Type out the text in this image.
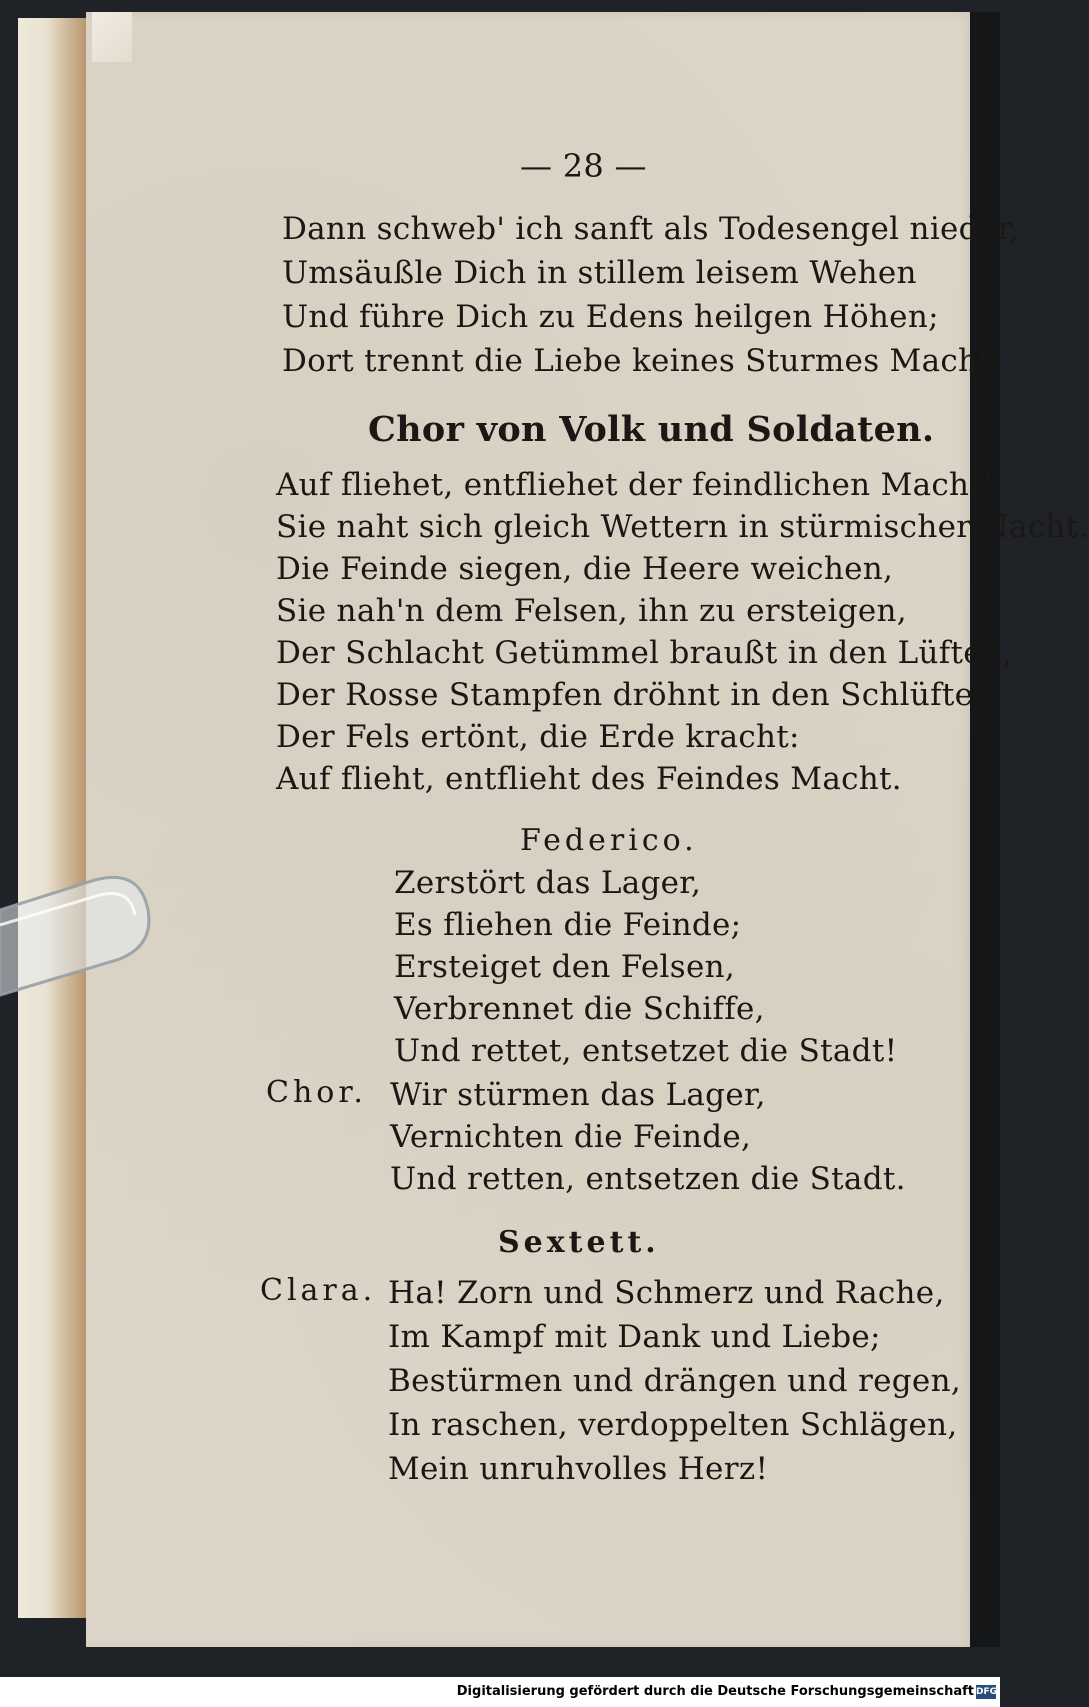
— 28 —
Dann schweb' ich sanft als Todesengel nieder,
Umsäußle Dich in stillem leisem Wehen
Und führe Dich zu Edens heilgen Höhen;
Dort trennt die Liebe keines Sturmes Macht!
Chor von Volk und Soldaten.
Auf fliehet, entfliehet der feindlichen Macht!
Sie naht sich gleich Wettern in stürmischer Nacht.
Die Feinde siegen, die Heere weichen,
Sie nah'n dem Felsen, ihn zu ersteigen,
Der Schlacht Getümmel braußt in den Lüften,
Der Rosse Stampfen dröhnt in den Schlüften;
Der Fels ertönt, die Erde kracht:
Auf flieht, entflieht des Feindes Macht.
Federico.
Zerstört das Lager,
Es fliehen die Feinde;
Ersteiget den Felsen,
Verbrennet die Schiffe,
Und rettet, entsetzet die Stadt!
Chor. Wir stürmen das Lager,
Vernichten die Feinde,
Und retten, entsetzen die Stadt.
Sextett.
Clara. Ha! Zorn und Schmerz und Rache,
Im Kampf mit Dank und Liebe;
Bestürmen und drängen und regen,
In raschen, verdoppelten Schlägen,
Mein unruhvolles Herz!
Digitalisierung gefördert durch die Deutsche Forschungsgemeinschaft DFG
